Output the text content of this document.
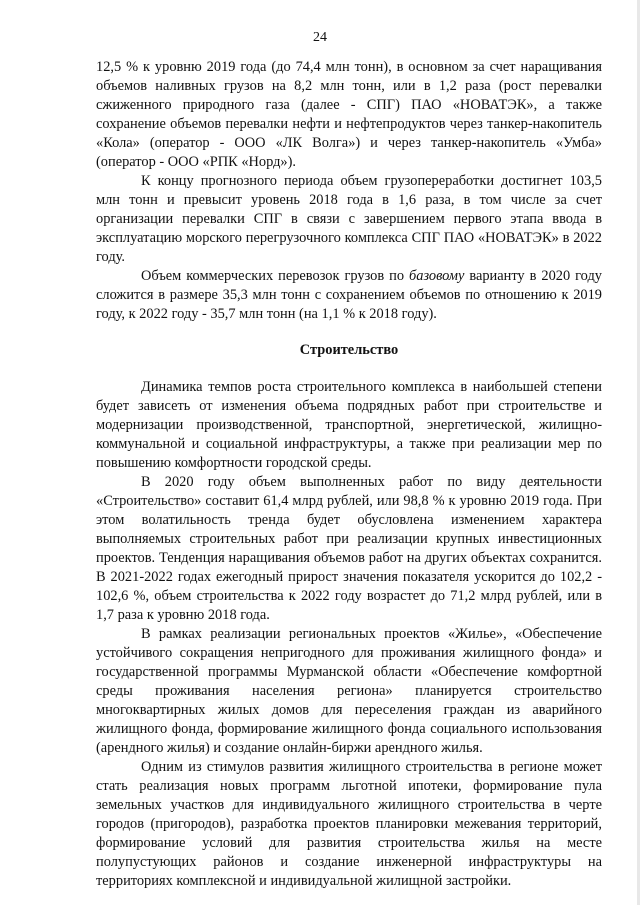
24

12,5 % к уровню 2019 года (до 74,4 млн тонн), в основном за счет наращивания объемов наливных грузов на 8,2 млн тонн, или в 1,2 раза (рост перевалки сжиженного природного газа (далее - СПГ) ПАО «НОВАТЭК», а также сохранение объемов перевалки нефти и нефтепродуктов через танкер-накопитель «Кола» (оператор - ООО «ЛК Волга») и через танкер-накопитель «Умба» (оператор - ООО «РПК «Норд»).

К концу прогнозного периода объем грузопереработки достигнет 103,5 млн тонн и превысит уровень 2018 года в 1,6 раза, в том числе за счет организации перевалки СПГ в связи с завершением первого этапа ввода в эксплуатацию морского перегрузочного комплекса СПГ ПАО «НОВАТЭК» в 2022 году.

Объем коммерческих перевозок грузов по базовому варианту в 2020 году сложится в размере 35,3 млн тонн с сохранением объемов по отношению к 2019 году, к 2022 году - 35,7 млн тонн (на 1,1 % к 2018 году).

Строительство

Динамика темпов роста строительного комплекса в наибольшей степени будет зависеть от изменения объема подрядных работ при строительстве и модернизации производственной, транспортной, энергетической, жилищно-коммунальной и социальной инфраструктуры, а также при реализации мер по повышению комфортности городской среды.

В 2020 году объем выполненных работ по виду деятельности «Строительство» составит 61,4 млрд рублей, или 98,8 % к уровню 2019 года. При этом волатильность тренда будет обусловлена изменением характера выполняемых строительных работ при реализации крупных инвестиционных проектов. Тенденция наращивания объемов работ на других объектах сохранится. В 2021-2022 годах ежегодный прирост значения показателя ускорится до 102,2 - 102,6 %, объем строительства к 2022 году возрастет до 71,2 млрд рублей, или в 1,7 раза к уровню 2018 года.

В рамках реализации региональных проектов «Жилье», «Обеспечение устойчивого сокращения непригодного для проживания жилищного фонда» и государственной программы Мурманской области «Обеспечение комфортной среды проживания населения региона» планируется строительство многоквартирных жилых домов для переселения граждан из аварийного жилищного фонда, формирование жилищного фонда социального использования (арендного жилья) и создание онлайн-биржи арендного жилья.

Одним из стимулов развития жилищного строительства в регионе может стать реализация новых программ льготной ипотеки, формирование пула земельных участков для индивидуального жилищного строительства в черте городов (пригородов), разработка проектов планировки межевания территорий, формирование условий для развития строительства жилья на месте полупустующих районов и создание инженерной инфраструктуры на территориях комплексной и индивидуальной жилищной застройки.
